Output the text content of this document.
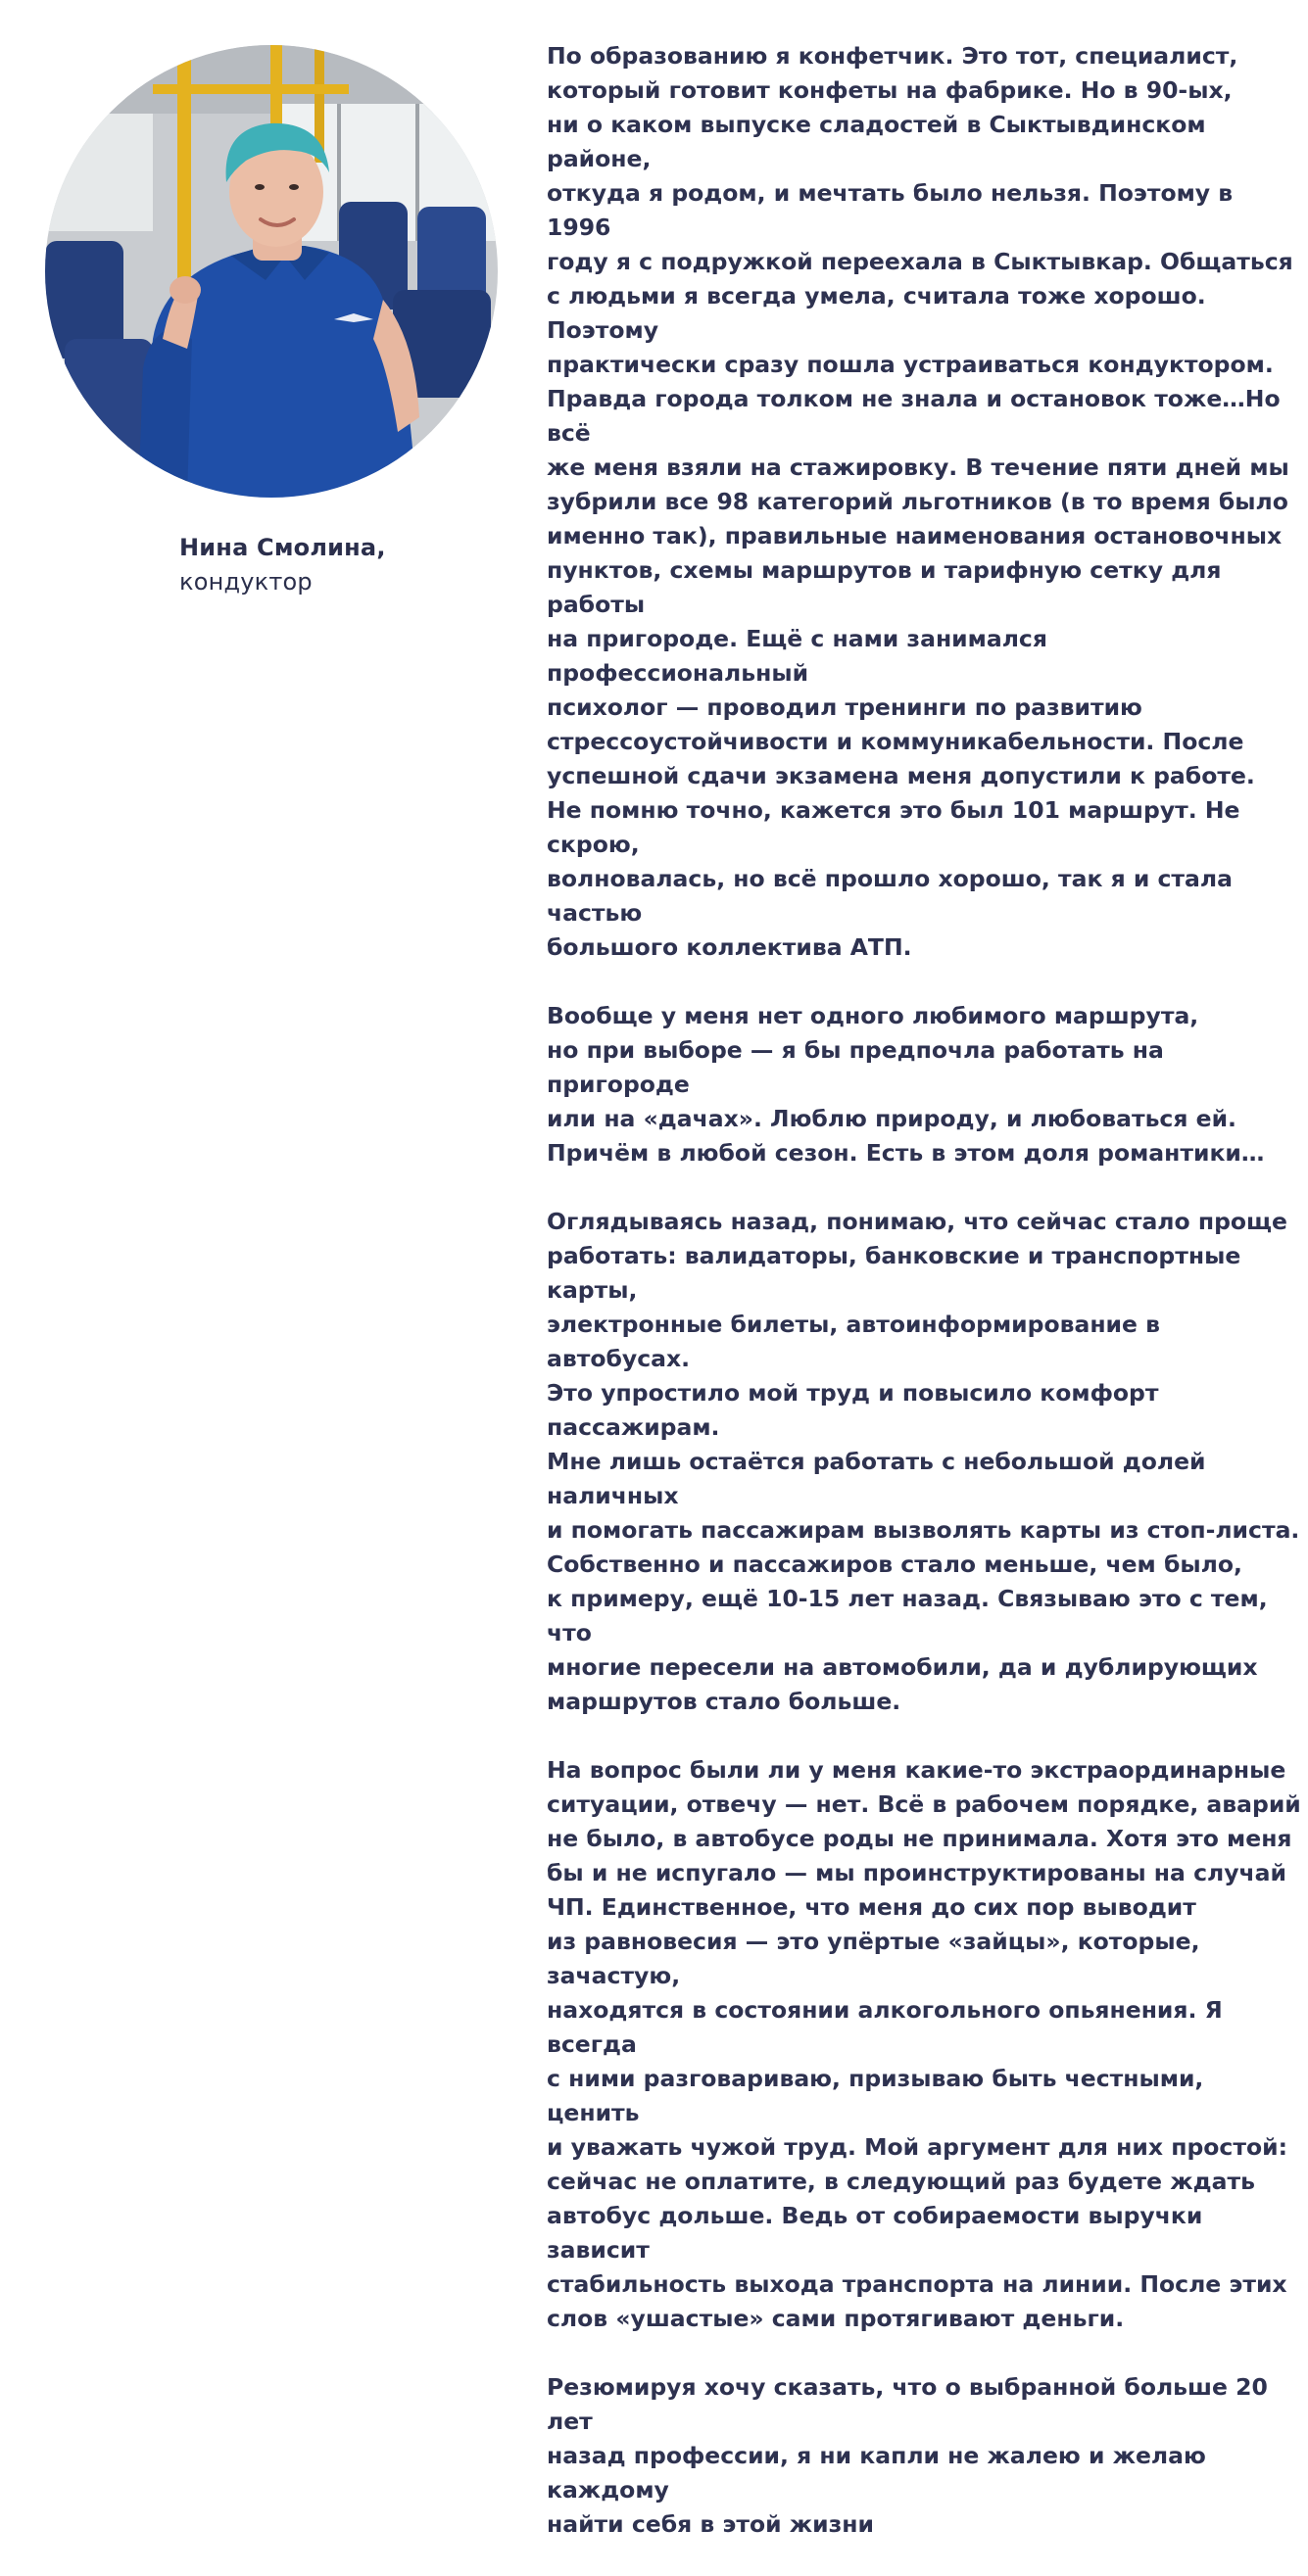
Нина Смолина,
кондуктор

По образованию я конфетчик. Это тот, специалист,
который готовит конфеты на фабрике. Но в 90-ых,
ни о каком выпуске сладостей в Сыктывдинском районе,
откуда я родом, и мечтать было нельзя. Поэтому в 1996
году я с подружкой переехала в Сыктывкар. Общаться
с людьми я всегда умела, считала тоже хорошо. Поэтому
практически сразу пошла устраиваться кондуктором.
Правда города толком не знала и остановок тоже…Но всё
же меня взяли на стажировку. В течение пяти дней мы
зубрили все 98 категорий льготников (в то время было
именно так), правильные наименования остановочных
пунктов, схемы маршрутов и тарифную сетку для работы
на пригороде. Ещё с нами занимался профессиональный
психолог — проводил тренинги по развитию
стрессоустойчивости и коммуникабельности. После
успешной сдачи экзамена меня допустили к работе.
Не помню точно, кажется это был 101 маршрут. Не скрою,
волновалась, но всё прошло хорошо, так я и стала частью
большого коллектива АТП.

Вообще у меня нет одного любимого маршрута,
но при выборе — я бы предпочла работать на пригороде
или на «дачах». Люблю природу, и любоваться ей.
Причём в любой сезон. Есть в этом доля романтики…

Оглядываясь назад, понимаю, что сейчас стало проще
работать: валидаторы, банковские и транспортные карты,
электронные билеты, автоинформирование в автобусах.
Это упростило мой труд и повысило комфорт пассажирам.
Мне лишь остаётся работать с небольшой долей наличных
и помогать пассажирам вызволять карты из стоп-листа.
Собственно и пассажиров стало меньше, чем было,
к примеру, ещё 10-15 лет назад. Связываю это с тем, что
многие пересели на автомобили, да и дублирующих
маршрутов стало больше.

На вопрос были ли у меня какие-то экстраординарные
ситуации, отвечу — нет. Всё в рабочем порядке, аварий
не было, в автобусе роды не принимала. Хотя это меня
бы и не испугало — мы проинструктированы на случай
ЧП. Единственное, что меня до сих пор выводит
из равновесия — это упёртые «зайцы», которые, зачастую,
находятся в состоянии алкогольного опьянения. Я всегда
с ними разговариваю, призываю быть честными, ценить
и уважать чужой труд. Мой аргумент для них простой:
сейчас не оплатите, в следующий раз будете ждать
автобус дольше. Ведь от собираемости выручки зависит
стабильность выхода транспорта на линии. После этих
слов «ушастые» сами протягивают деньги.

Резюмируя хочу сказать, что о выбранной больше 20 лет
назад профессии, я ни капли не жалею и желаю каждому
найти себя в этой жизни
